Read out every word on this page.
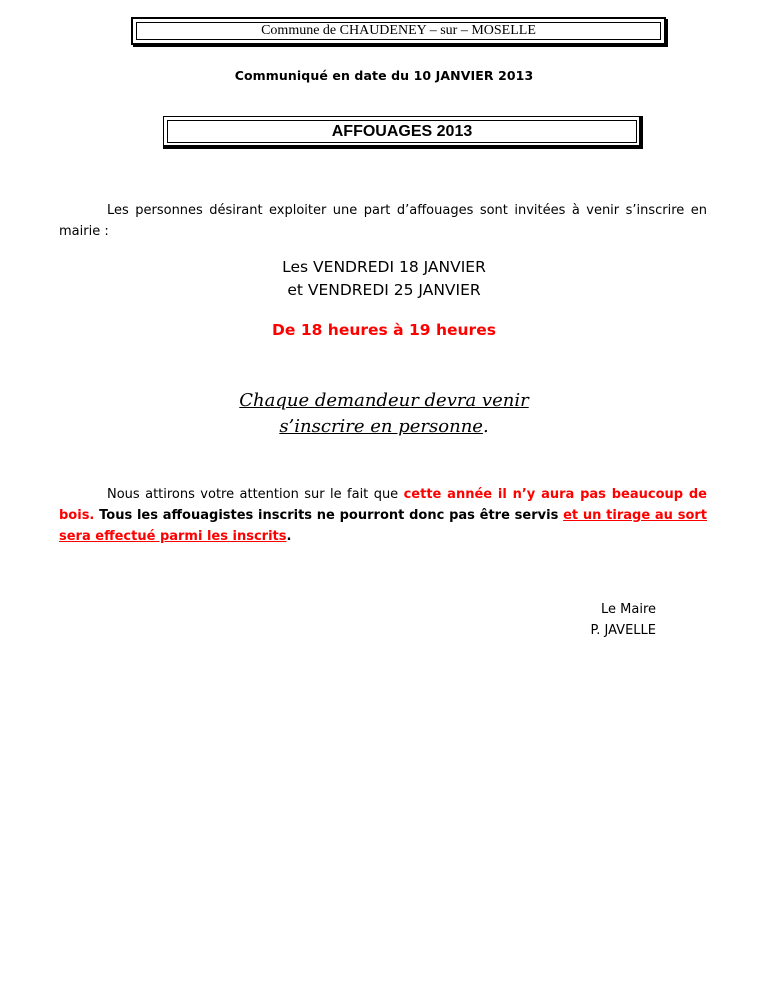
Commune de CHAUDENEY – sur – MOSELLE
Communiqué en date du 10 JANVIER 2013
AFFOUAGES 2013

Les personnes désirant exploiter une part d’affouages sont invitées à venir s’inscrire en mairie :

Les VENDREDI 18 JANVIER
et VENDREDI 25 JANVIER
De 18 heures à 19 heures
Chaque demandeur devra venir
s’inscrire en personne.

Nous attirons votre attention sur le fait que cette année il n’y aura pas beaucoup de bois. Tous les affouagistes inscrits ne pourront donc pas être servis et un tirage au sort sera effectué parmi les inscrits.

Le Maire
P. JAVELLE
